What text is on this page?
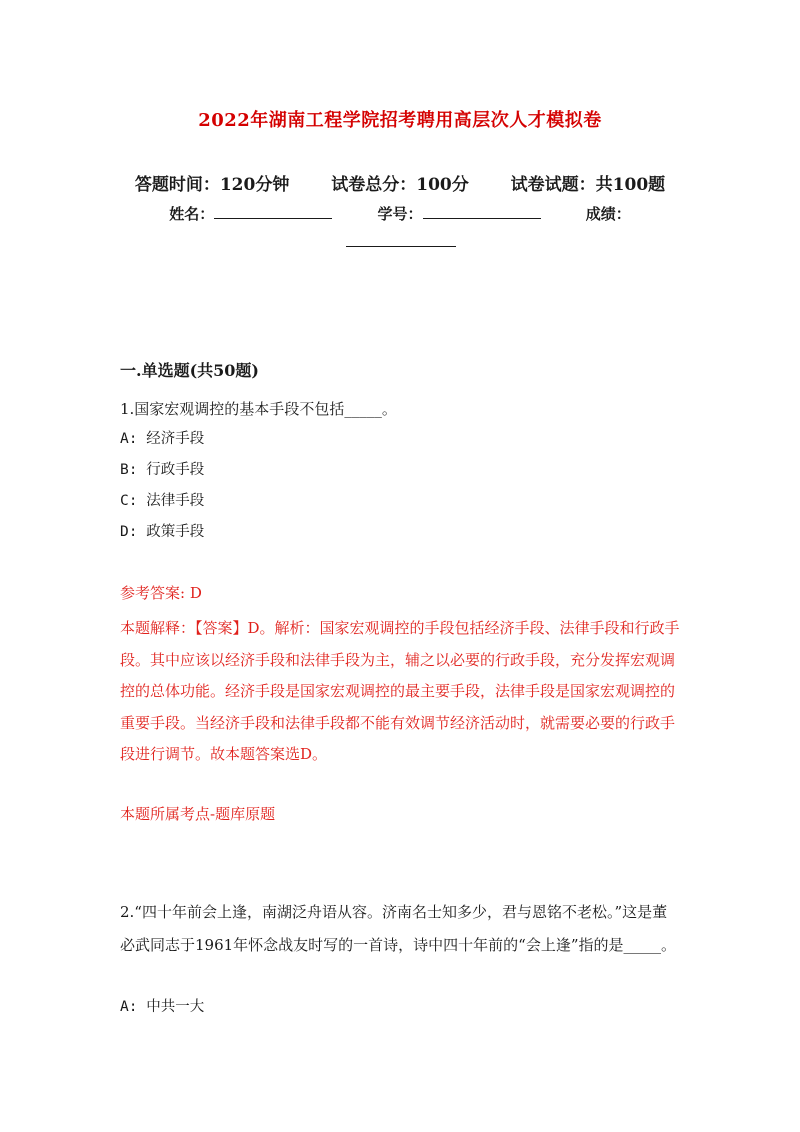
2022年湖南工程学院招考聘用高层次人才模拟卷
答题时间：120分钟 试卷总分：100分 试卷试题：共100题
姓名：	学号：	成绩：
一.单选题(共50题)
1.国家宏观调控的基本手段不包括_____。
A: 经济手段
B: 行政手段
C: 法律手段
D: 政策手段
参考答案: D
本题解释：【答案】D。解析：国家宏观调控的手段包括经济手段、法律手段和行政手段。其中应该以经济手段和法律手段为主，辅之以必要的行政手段，充分发挥宏观调控的总体功能。经济手段是国家宏观调控的最主要手段，法律手段是国家宏观调控的重要手段。当经济手段和法律手段都不能有效调节经济活动时，就需要必要的行政手段进行调节。故本题答案选D。
本题所属考点-题库原题
2.“四十年前会上逢，南湖泛舟语从容。济南名士知多少，君与恩铭不老松。”这是董必武同志于1961年怀念战友时写的一首诗，诗中四十年前的“会上逢”指的是_____。
A: 中共一大
